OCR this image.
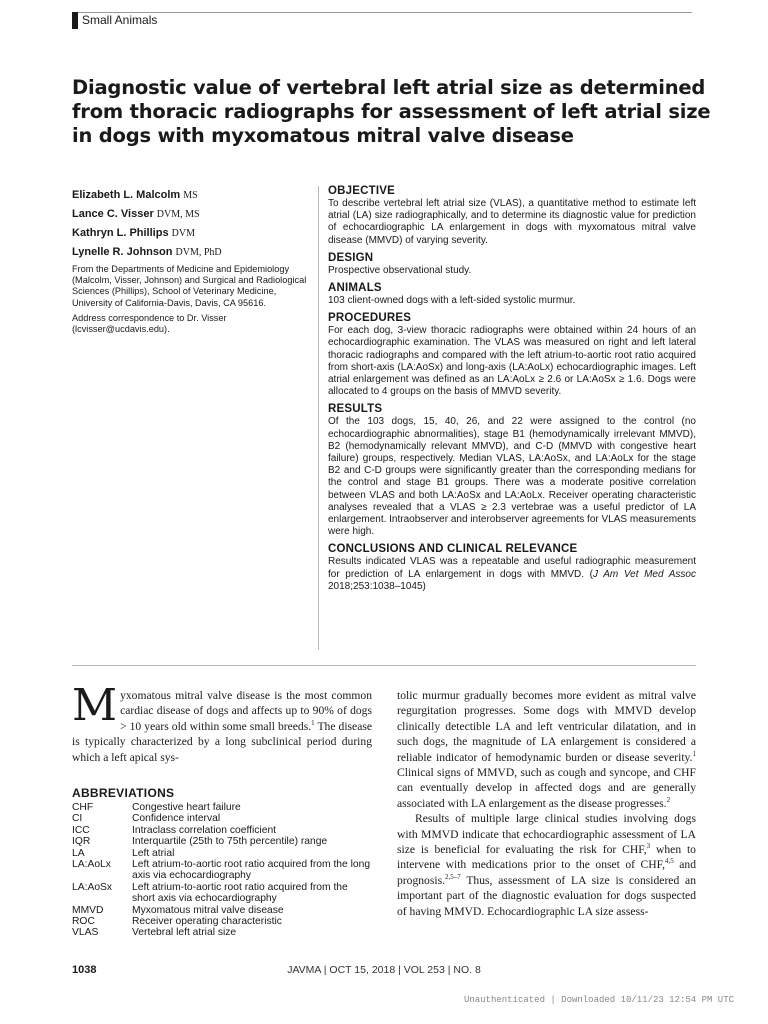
Small Animals
Diagnostic value of vertebral left atrial size as determined from thoracic radiographs for assessment of left atrial size in dogs with myxomatous mitral valve disease
Elizabeth L. Malcolm MS
Lance C. Visser DVM, MS
Kathryn L. Phillips DVM
Lynelle R. Johnson DVM, PhD
From the Departments of Medicine and Epidemiology (Malcolm, Visser, Johnson) and Surgical and Radiological Sciences (Phillips), School of Veterinary Medicine, University of California-Davis, Davis, CA 95616.
Address correspondence to Dr. Visser (lcvisser@ucdavis.edu).
OBJECTIVE

To describe vertebral left atrial size (VLAS), a quantitative method to estimate left atrial (LA) size radiographically, and to determine its diagnostic value for prediction of echocardiographic LA enlargement in dogs with myxomatous mitral valve disease (MMVD) of varying severity.

DESIGN

Prospective observational study.

ANIMALS

103 client-owned dogs with a left-sided systolic murmur.

PROCEDURES

For each dog, 3-view thoracic radiographs were obtained within 24 hours of an echocardiographic examination. The VLAS was measured on right and left lateral thoracic radiographs and compared with the left atrium-to-aortic root ratio acquired from short-axis (LA:AoSx) and long-axis (LA:AoLx) echocardiographic images. Left atrial enlargement was defined as an LA:AoLx ≥ 2.6 or LA:AoSx ≥ 1.6. Dogs were allocated to 4 groups on the basis of MMVD severity.

RESULTS

Of the 103 dogs, 15, 40, 26, and 22 were assigned to the control (no echocardiographic abnormalities), stage B1 (hemodynamically irrelevant MMVD), B2 (hemodynamically relevant MMVD), and C-D (MMVD with congestive heart failure) groups, respectively. Median VLAS, LA:AoSx, and LA:AoLx for the stage B2 and C-D groups were significantly greater than the corresponding medians for the control and stage B1 groups. There was a moderate positive correlation between VLAS and both LA:AoSx and LA:AoLx. Receiver operating characteristic analyses revealed that a VLAS ≥ 2.3 vertebrae was a useful predictor of LA enlargement. Intraobserver and interobserver agreements for VLAS measurements were high.

CONCLUSIONS AND CLINICAL RELEVANCE

Results indicated VLAS was a repeatable and useful radiographic measurement for prediction of LA enlargement in dogs with MMVD. (J Am Vet Med Assoc 2018;253:1038–1045)

Myxomatous mitral valve disease is the most common cardiac disease of dogs and affects up to 90% of dogs > 10 years old within some small breeds.$^1$ The disease is typically characterized by a long subclinical period during which a left apical sys-

ABBREVIATIONS
CHF	Congestive heart failure
CI	Confidence interval
ICC	Intraclass correlation coefficient
IQR	Interquartile (25th to 75th percentile) range
LA	Left atrial
LA:AoLx	Left atrium-to-aortic root ratio acquired from the long axis via echocardiography
LA:AoSx	Left atrium-to-aortic root ratio acquired from the short axis via echocardiography
MMVD	Myxomatous mitral valve disease
ROC	Receiver operating characteristic
VLAS	Vertebral left atrial size

tolic murmur gradually becomes more evident as mitral valve regurgitation progresses. Some dogs with MMVD develop clinically detectible LA and left ventricular dilatation, and in such dogs, the magnitude of LA enlargement is considered a reliable indicator of hemodynamic burden or disease severity.$^1$ Clinical signs of MMVD, such as cough and syncope, and CHF can eventually develop in affected dogs and are generally associated with LA enlargement as the disease progresses.$^2$

Results of multiple large clinical studies involving dogs with MMVD indicate that echocardiographic assessment of LA size is beneficial for evaluating the risk for CHF,$^3$ when to intervene with medications prior to the onset of CHF,$^{4,5}$ and prognosis.$^{2,5-7}$ Thus, assessment of LA size is considered an important part of the diagnostic evaluation for dogs suspected of having MMVD. Echocardiographic LA size assess-

1038	JAVMA | OCT 15, 2018 | VOL 253 | NO. 8
Unauthenticated | Downloaded 10/11/23 12:54 PM UTC
